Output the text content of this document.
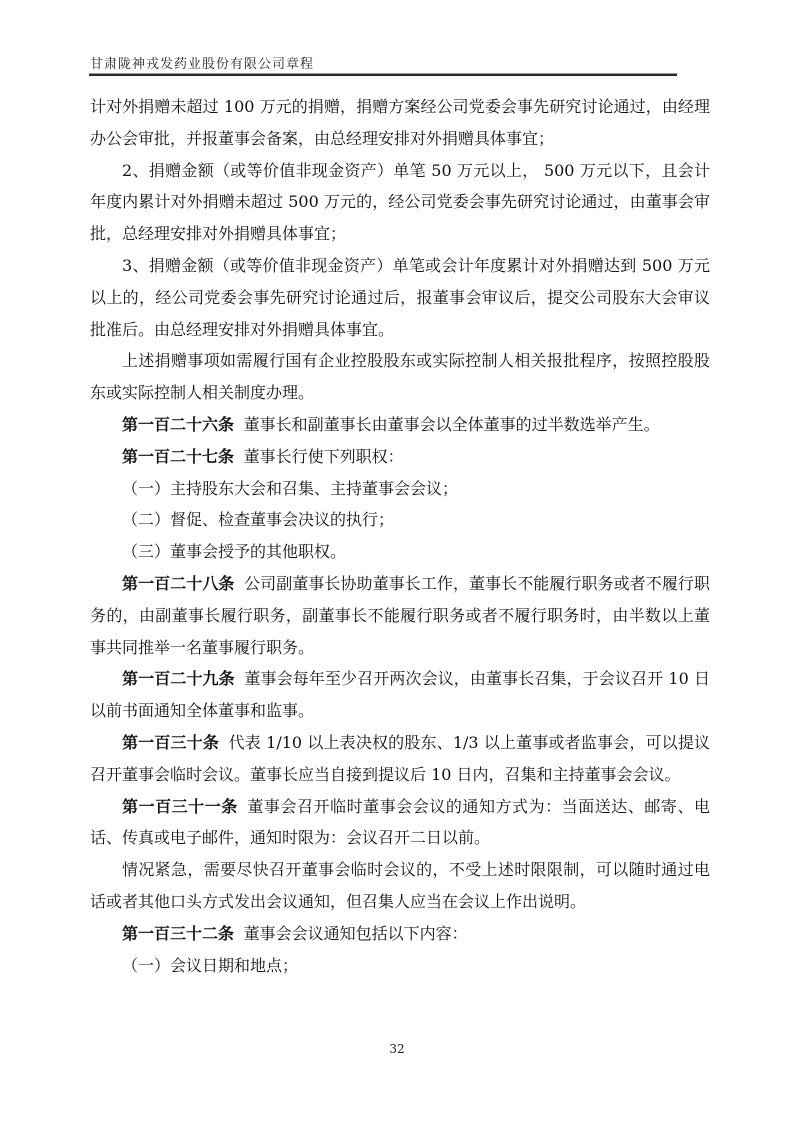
甘肃陇神戎发药业股份有限公司章程

计对外捐赠未超过 100 万元的捐赠，捐赠方案经公司党委会事先研究讨论通过，由经理办公会审批，并报董事会备案，由总经理安排对外捐赠具体事宜；

2、捐赠金额（或等价值非现金资产）单笔 50 万元以上， 500 万元以下，且会计年度内累计对外捐赠未超过 500 万元的，经公司党委会事先研究讨论通过，由董事会审批，总经理安排对外捐赠具体事宜；

3、捐赠金额（或等价值非现金资产）单笔或会计年度累计对外捐赠达到 500 万元以上的，经公司党委会事先研究讨论通过后，报董事会审议后，提交公司股东大会审议批准后。由总经理安排对外捐赠具体事宜。

上述捐赠事项如需履行国有企业控股股东或实际控制人相关报批程序，按照控股股东或实际控制人相关制度办理。

第一百二十六条 董事长和副董事长由董事会以全体董事的过半数选举产生。

第一百二十七条 董事长行使下列职权：

（一）主持股东大会和召集、主持董事会会议；

（二）督促、检查董事会决议的执行；

（三）董事会授予的其他职权。

第一百二十八条 公司副董事长协助董事长工作，董事长不能履行职务或者不履行职务的，由副董事长履行职务，副董事长不能履行职务或者不履行职务时，由半数以上董事共同推举一名董事履行职务。

第一百二十九条 董事会每年至少召开两次会议，由董事长召集，于会议召开 10 日以前书面通知全体董事和监事。

第一百三十条 代表 1/10 以上表决权的股东、1/3 以上董事或者监事会，可以提议召开董事会临时会议。董事长应当自接到提议后 10 日内，召集和主持董事会会议。

第一百三十一条 董事会召开临时董事会会议的通知方式为：当面送达、邮寄、电话、传真或电子邮件，通知时限为：会议召开二日以前。

情况紧急，需要尽快召开董事会临时会议的，不受上述时限限制，可以随时通过电话或者其他口头方式发出会议通知，但召集人应当在会议上作出说明。

第一百三十二条 董事会会议通知包括以下内容：

（一）会议日期和地点；

32
